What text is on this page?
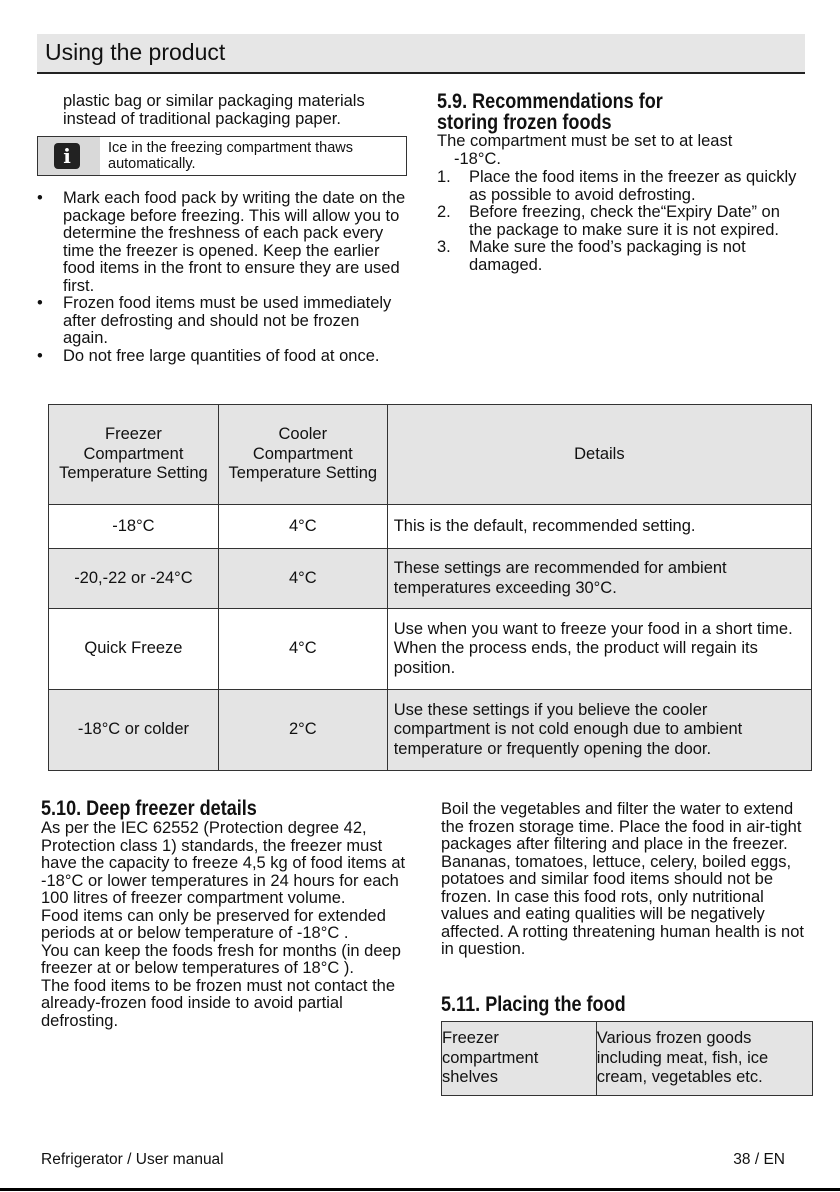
Using the product
plastic bag or similar packaging materials instead of traditional packaging paper.
i	Ice in the freezing compartment thaws automatically.
• Mark each food pack by writing the date on the package before freezing. This will allow you to determine the freshness of each pack every time the freezer is opened. Keep the earlier food items in the front to ensure they are used first.
• Frozen food items must be used immediately after defrosting and should not be frozen again.
• Do not free large quantities of food at once.
5.9. Recommendations for
storing frozen foods
The compartment must be set to at least
-18°C.
1. Place the food items in the freezer as quickly as possible to avoid defrosting.
2. Before freezing, check the“Expiry Date” on the package to make sure it is not expired.
3. Make sure the food’s packaging is not damaged.
Freezer Compartment Temperature Setting	Cooler Compartment Temperature Setting	Details
-18°C	4°C	This is the default, recommended setting.
-20,-22 or -24°C	4°C	These settings are recommended for ambient temperatures exceeding 30°C.
Quick Freeze	4°C	Use when you want to freeze your food in a short time. When the process ends, the product will regain its position.
-18°C or colder	2°C	Use these settings if you believe the cooler compartment is not cold enough due to ambient temperature or frequently opening the door.
5.10. Deep freezer details
As per the IEC 62552 (Protection degree 42, Protection class 1) standards, the freezer must have the capacity to freeze 4,5 kg of food items at -18°C or lower temperatures in 24 hours for each 100 litres of freezer compartment volume.
Food items can only be preserved for extended periods at or below temperature of -18°C .
You can keep the foods fresh for months (in deep freezer at or below temperatures of 18°C ).
The food items to be frozen must not contact the already-frozen food inside to avoid partial defrosting.
Boil the vegetables and filter the water to extend the frozen storage time. Place the food in air-tight packages after filtering and place in the freezer. Bananas, tomatoes, lettuce, celery, boiled eggs, potatoes and similar food items should not be frozen. In case this food rots, only nutritional values and eating qualities will be negatively affected. A rotting threatening human health is not in question.
5.11. Placing the food
Freezer compartment shelves	Various frozen goods including meat, fish, ice cream, vegetables etc.
Refrigerator / User manual	38 / EN
